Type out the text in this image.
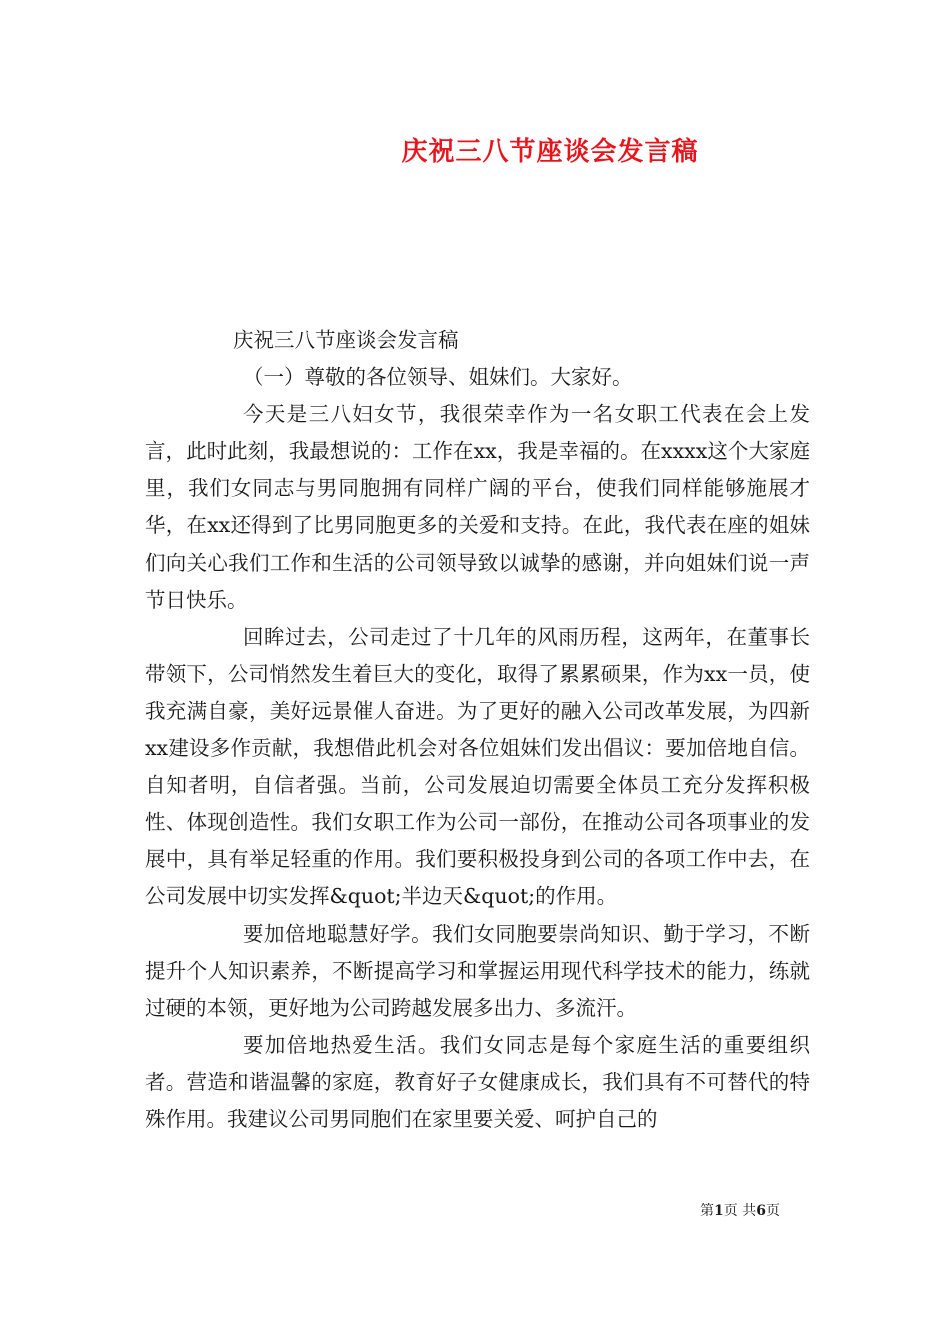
庆祝三八节座谈会发言稿

庆祝三八节座谈会发言稿

（一）尊敬的各位领导、姐妹们。大家好。

今天是三八妇女节，我很荣幸作为一名女职工代表在会上发言，此时此刻，我最想说的：工作在xx，我是幸福的。在xxxx这个大家庭里，我们女同志与男同胞拥有同样广阔的平台，使我们同样能够施展才华，在xx还得到了比男同胞更多的关爱和支持。在此，我代表在座的姐妹们向关心我们工作和生活的公司领导致以诚挚的感谢，并向姐妹们说一声节日快乐。

回眸过去，公司走过了十几年的风雨历程，这两年，在董事长带领下，公司悄然发生着巨大的变化，取得了累累硕果，作为xx一员，使我充满自豪，美好远景催人奋进。为了更好的融入公司改革发展，为四新xx建设多作贡献，我想借此机会对各位姐妹们发出倡议：要加倍地自信。自知者明，自信者强。当前，公司发展迫切需要全体员工充分发挥积极性、体现创造性。我们女职工作为公司一部份，在推动公司各项事业的发展中，具有举足轻重的作用。我们要积极投身到公司的各项工作中去，在公司发展中切实发挥&quot;半边天&quot;的作用。

要加倍地聪慧好学。我们女同胞要崇尚知识、勤于学习，不断提升个人知识素养，不断提高学习和掌握运用现代科学技术的能力，练就过硬的本领，更好地为公司跨越发展多出力、多流汗。

要加倍地热爱生活。我们女同志是每个家庭生活的重要组织者。营造和谐温馨的家庭，教育好子女健康成长，我们具有不可替代的特殊作用。我建议公司男同胞们在家里要关爱、呵护自己的

第1页 共6页
